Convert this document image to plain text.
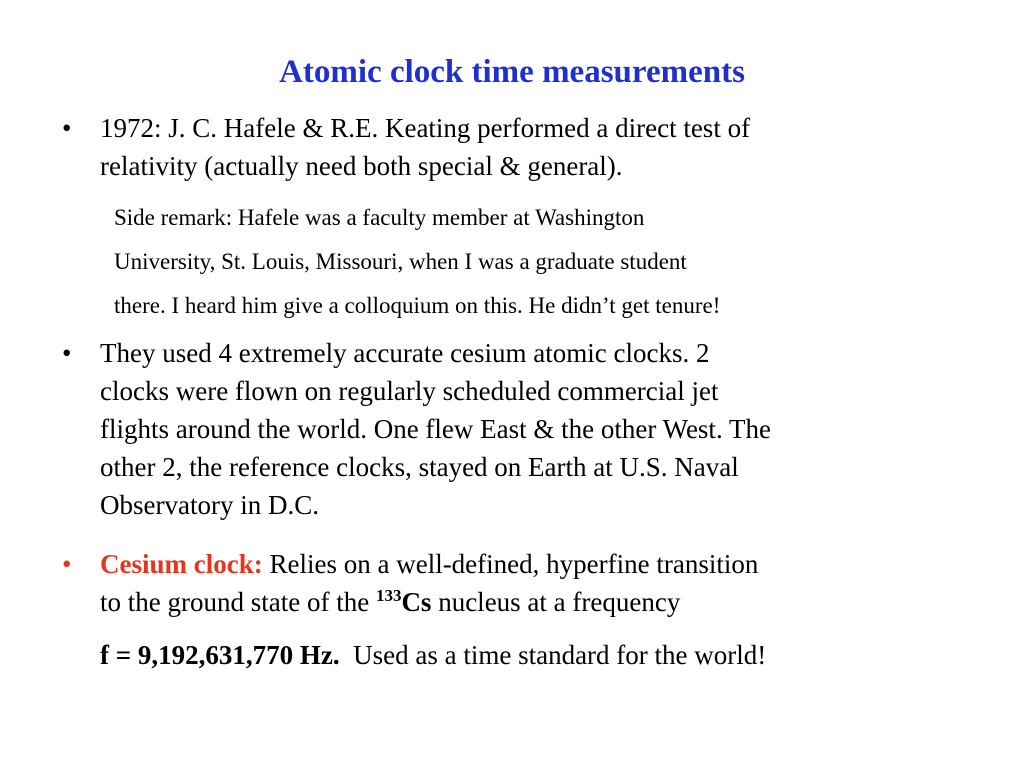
Atomic clock time measurements
•	1972: J. C. Hafele & R.E. Keating performed a direct test of
relativity (actually need both special & general).
Side remark: Hafele was a faculty member at Washington
University, St. Louis, Missouri, when I was a graduate student
there. I heard him give a colloquium on this. He didn’t get tenure!
•	They used 4 extremely accurate cesium atomic clocks. 2
clocks were flown on regularly scheduled commercial jet
flights around the world. One flew East & the other West. The
other 2, the reference clocks, stayed on Earth at U.S. Naval
Observatory in D.C.
•	Cesium clock: Relies on a well-defined, hyperfine transition
to the ground state of the $^{133}$Cs nucleus at a frequency
f = 9,192,631,770 Hz.  Used as a time standard for the world!
